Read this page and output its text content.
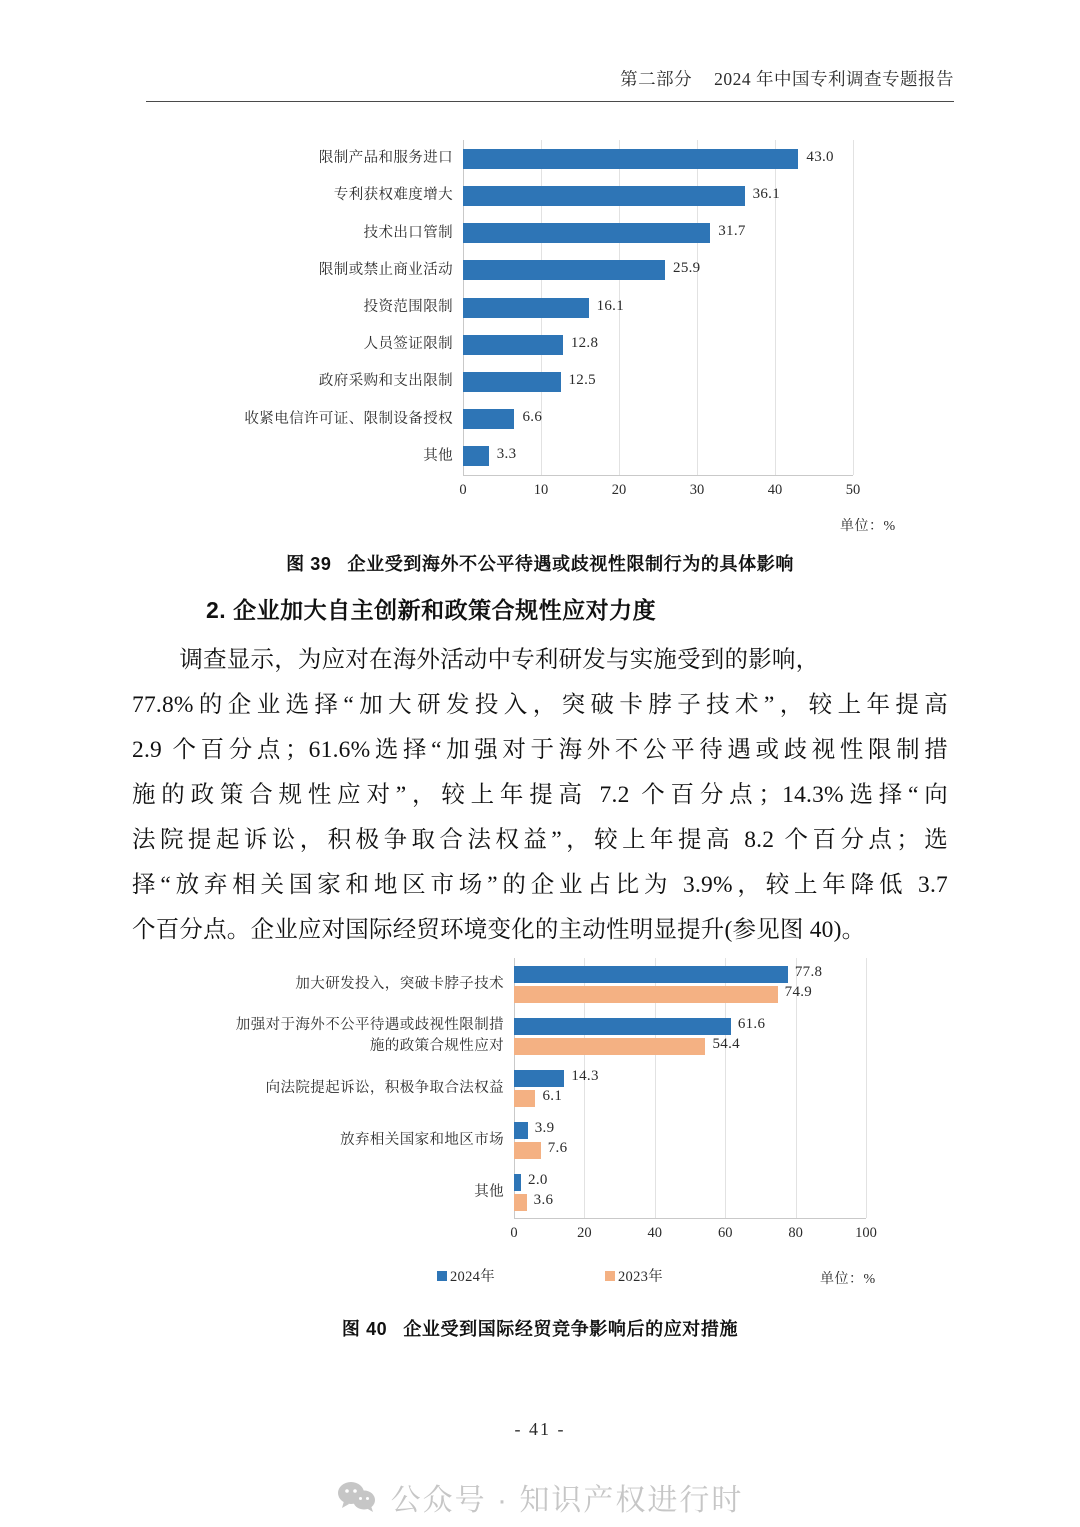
第二部分 2024 年中国专利调查专题报告
限制产品和服务进口	43.0
专利获权难度增大	36.1
技术出口管制	31.7
限制或禁止商业活动	25.9
投资范围限制	16.1
人员签证限制	12.8
政府采购和支出限制	12.5
收紧电信许可证、限制设备授权	6.6
其他	3.3
0	10	20	30	40	50
单位：%
图 39 企业受到海外不公平待遇或歧视性限制行为的具体影响
2. 企业加大自主创新和政策合规性应对力度

　　调查显示，为应对在海外活动中专利研发与实施受到的影响，

77.8%的企业选择“加大研发投入，突破卡脖子技术”，较上年提高

2.9 个百分点；61.6%选择“加强对于海外不公平待遇或歧视性限制措

施的政策合规性应对”，较上年提高 7.2 个百分点；14.3%选择“向

法院提起诉讼，积极争取合法权益”，较上年提高 8.2 个百分点；选

择“放弃相关国家和地区市场”的企业占比为 3.9%，较上年降低 3.7

个百分点。企业应对国际经贸环境变化的主动性明显提升(参见图 40)。

加大研发投入，突破卡脖子技术
77.8
74.9
加强对于海外不公平待遇或歧视性限制措
施的政策合规性应对
61.6
54.4
向法院提起诉讼，积极争取合法权益
14.3
6.1
放弃相关国家和地区市场
3.9
7.6
其他
2.0
3.6
0	20	40	60	80	100
2024年	2023年	单位：%
图 40 企业受到国际经贸竞争影响后的应对措施
- 41 -
公众号 · 知识产权进行时
